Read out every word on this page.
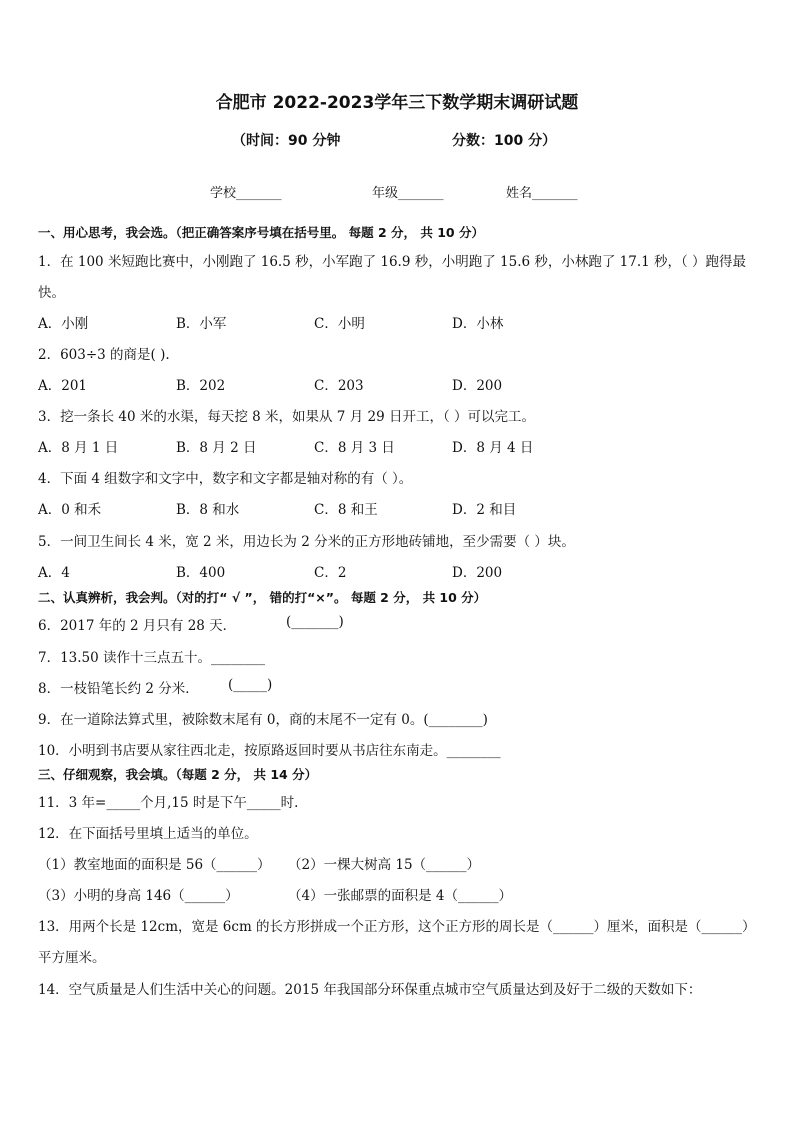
合肥市 2022-2023学年三下数学期末调研试题
（时间：90 分钟	分数：100 分）
学校_______	年级_______	姓名_______
一、用心思考，我会选。（把正确答案序号填在括号里。 每题 2 分， 共 10 分）
1．在 100 米短跑比赛中，小刚跑了 16.5 秒，小军跑了 16.9 秒，小明跑了 15.6 秒，小林跑了 17.1 秒，（ ）跑得最
快。
A．小刚	B．小军	C．小明	D．小林
2．603÷3 的商是( ).
A．201	B．202	C．203	D．200
3．挖一条长 40 米的水渠，每天挖 8 米，如果从 7 月 29 日开工，（ ）可以完工。
A．8 月 1 日	B．8 月 2 日	C．8 月 3 日	D．8 月 4 日
4．下面 4 组数字和文字中，数字和文字都是轴对称的有（ ）。
A．0 和禾	B．8 和水	C．8 和王	D．2 和目
5．一间卫生间长 4 米，宽 2 米，用边长为 2 分米的正方形地砖铺地，至少需要（ ）块。
A．4	B．400	C．2	D．200
二、认真辨析，我会判。（对的打“ √ ”， 错的打“×”。 每题 2 分， 共 10 分）
6．2017 年的 2 月只有 28 天．	(_______)
7．13.50 读作十三点五十。________
8．一枝铅笔长约 2 分米． (_____)
9．在一道除法算式里，被除数末尾有 0，商的末尾不一定有 0。(________)
10．小明到书店要从家往西北走，按原路返回时要从书店往东南走。________
三、仔细观察，我会填。（每题 2 分， 共 14 分）
11．3 年=_____个月,15 时是下午_____时.
12．在下面括号里填上适当的单位。
（1）教室地面的面积是 56（______） （2）一棵大树高 15（______）
（3）小明的身高 146（______）	（4）一张邮票的面积是 4（______）
13．用两个长是 12cm，宽是 6cm 的长方形拼成一个正方形，这个正方形的周长是（______）厘米，面积是（______）
平方厘米。
14．空气质量是人们生活中关心的问题。2015 年我国部分环保重点城市空气质量达到及好于二级的天数如下：
